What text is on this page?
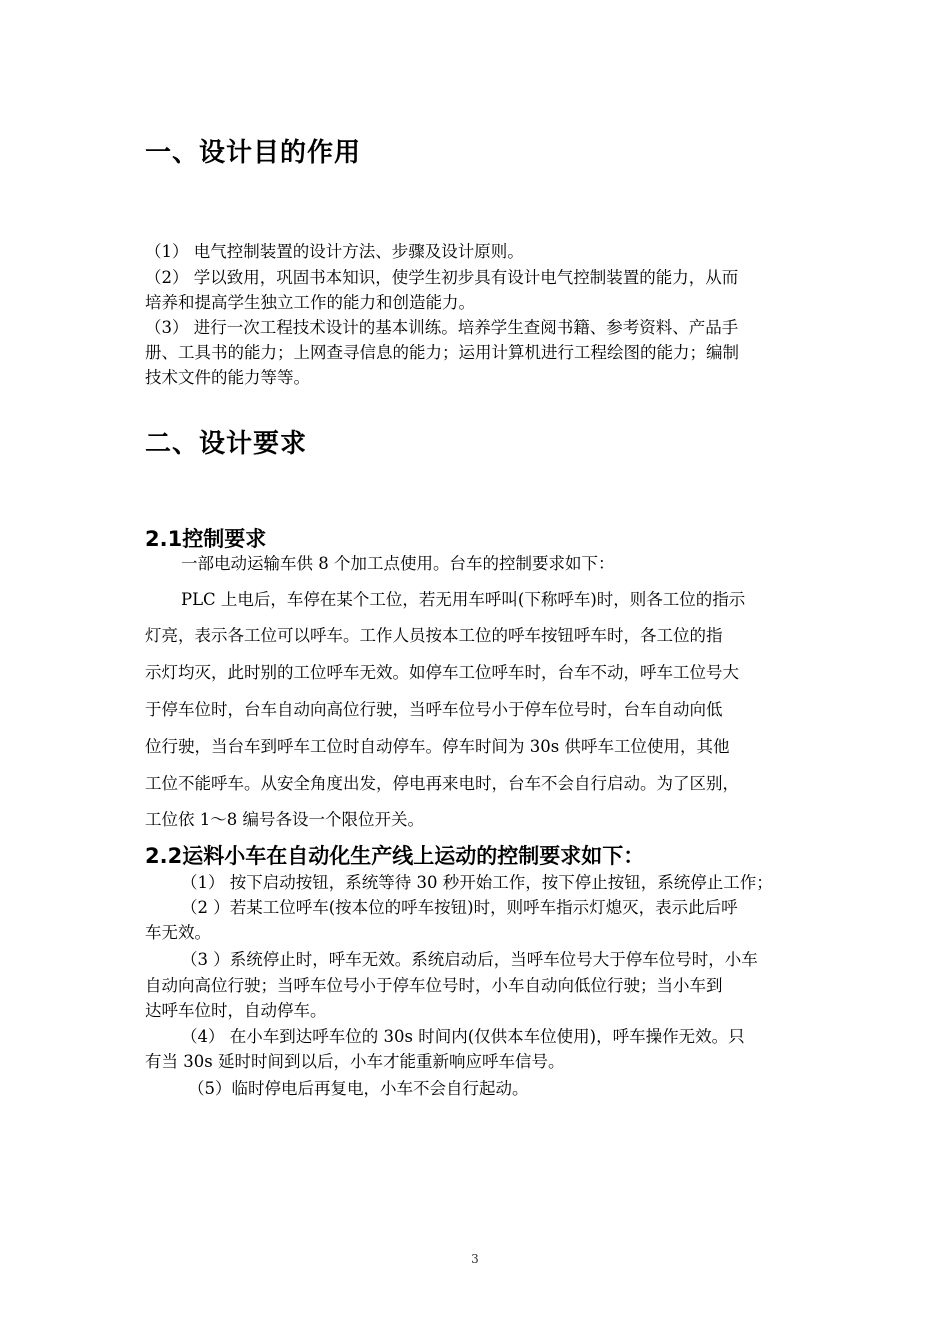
一、设计目的作用
（1） 电气控制装置的设计方法、步骤及设计原则。
（2） 学以致用，巩固书本知识，使学生初步具有设计电气控制装置的能力，从而
培养和提高学生独立工作的能力和创造能力。
（3） 进行一次工程技术设计的基本训练。培养学生查阅书籍、参考资料、产品手
册、工具书的能力；上网查寻信息的能力；运用计算机进行工程绘图的能力；编制
技术文件的能力等等。
二、设计要求
2.1控制要求
一部电动运输车供 8 个加工点使用。台车的控制要求如下：
PLC 上电后，车停在某个工位，若无用车呼叫(下称呼车)时，则各工位的指示
灯亮，表示各工位可以呼车。工作人员按本工位的呼车按钮呼车时，各工位的指
示灯均灭，此时别的工位呼车无效。如停车工位呼车时，台车不动，呼车工位号大
于停车位时，台车自动向高位行驶，当呼车位号小于停车位号时，台车自动向低
位行驶，当台车到呼车工位时自动停车。停车时间为 30s 供呼车工位使用，其他
工位不能呼车。从安全角度出发，停电再来电时，台车不会自行启动。为了区别，
工位依 1～8 编号各设一个限位开关。
2.2运料小车在自动化生产线上运动的控制要求如下：
（1） 按下启动按钮，系统等待 30 秒开始工作，按下停止按钮，系统停止工作；
（2 ）若某工位呼车(按本位的呼车按钮)时，则呼车指示灯熄灭，表示此后呼
车无效。
（3 ）系统停止时，呼车无效。系统启动后，当呼车位号大于停车位号时，小车
自动向高位行驶；当呼车位号小于停车位号时，小车自动向低位行驶；当小车到
达呼车位时，自动停车。
（4） 在小车到达呼车位的 30s 时间内(仅供本车位使用)，呼车操作无效。只
有当 30s 延时时间到以后，小车才能重新响应呼车信号。
（5）临时停电后再复电，小车不会自行起动。
3
